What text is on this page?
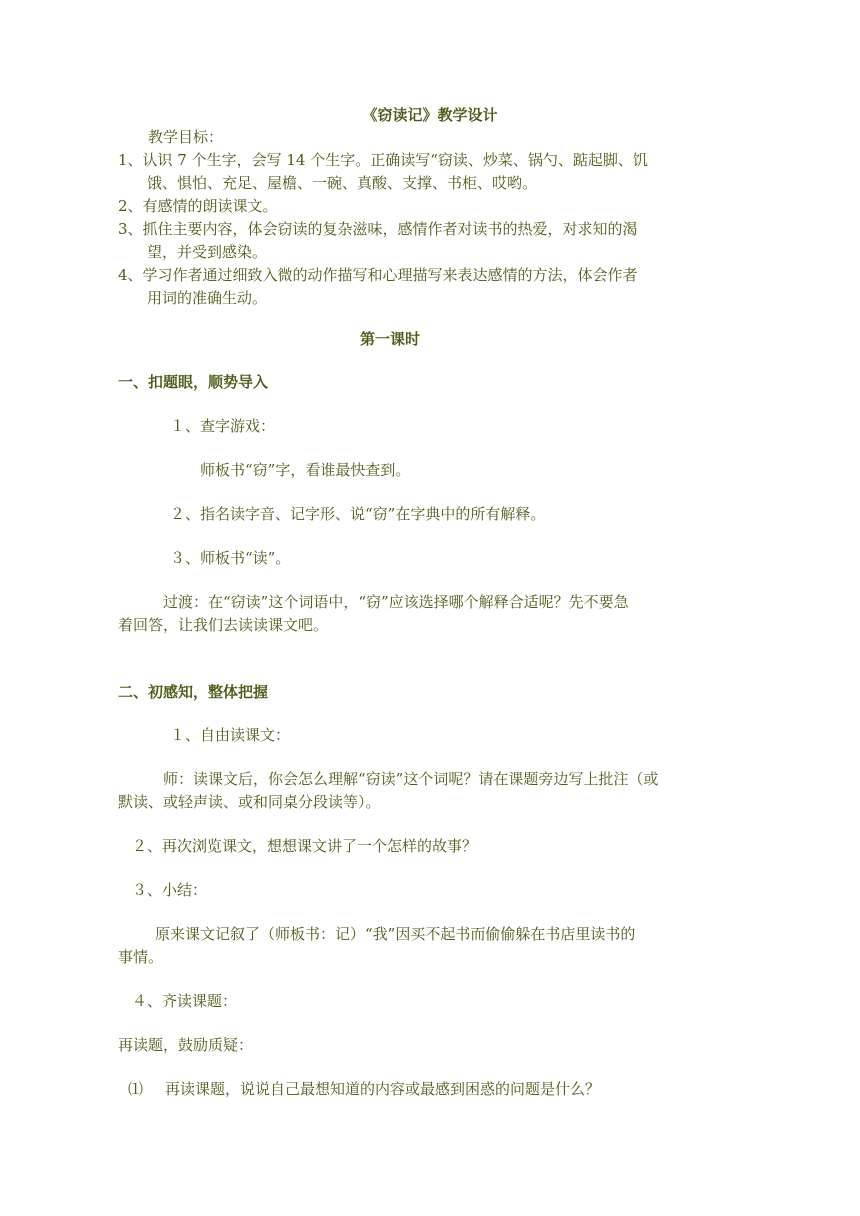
《窃读记》教学设计
教学目标：
1、认识 7 个生字，会写 14 个生字。正确读写“窃读、炒菜、锅勺、踮起脚、饥
饿、惧怕、充足、屋檐、一碗、真酸、支撑、书柜、哎哟。
2、有感情的朗读课文。
3、抓住主要内容，体会窃读的复杂滋味，感情作者对读书的热爱，对求知的渴
望，并受到感染。
4、学习作者通过细致入微的动作描写和心理描写来表达感情的方法，体会作者
用词的准确生动。
第一课时
一、扣题眼，顺势导入
１、查字游戏：
师板书“窃”字，看谁最快查到。
２、指名读字音、记字形、说“窃”在字典中的所有解释。
３、师板书“读”。
过渡：在“窃读”这个词语中，“窃”应该选择哪个解释合适呢？先不要急
着回答，让我们去读读课文吧。
二、初感知，整体把握
１、自由读课文：
师：读课文后，你会怎么理解“窃读”这个词呢？请在课题旁边写上批注（或
默读、或轻声读、或和同桌分段读等）。
２、再次浏览课文，想想课文讲了一个怎样的故事？
３、小结：
原来课文记叙了（师板书：记）“我”因买不起书而偷偷躲在书店里读书的
事情。
４、齐读课题：
再读题，鼓励质疑：
⑴ 再读课题，说说自己最想知道的内容或最感到困惑的问题是什么？
